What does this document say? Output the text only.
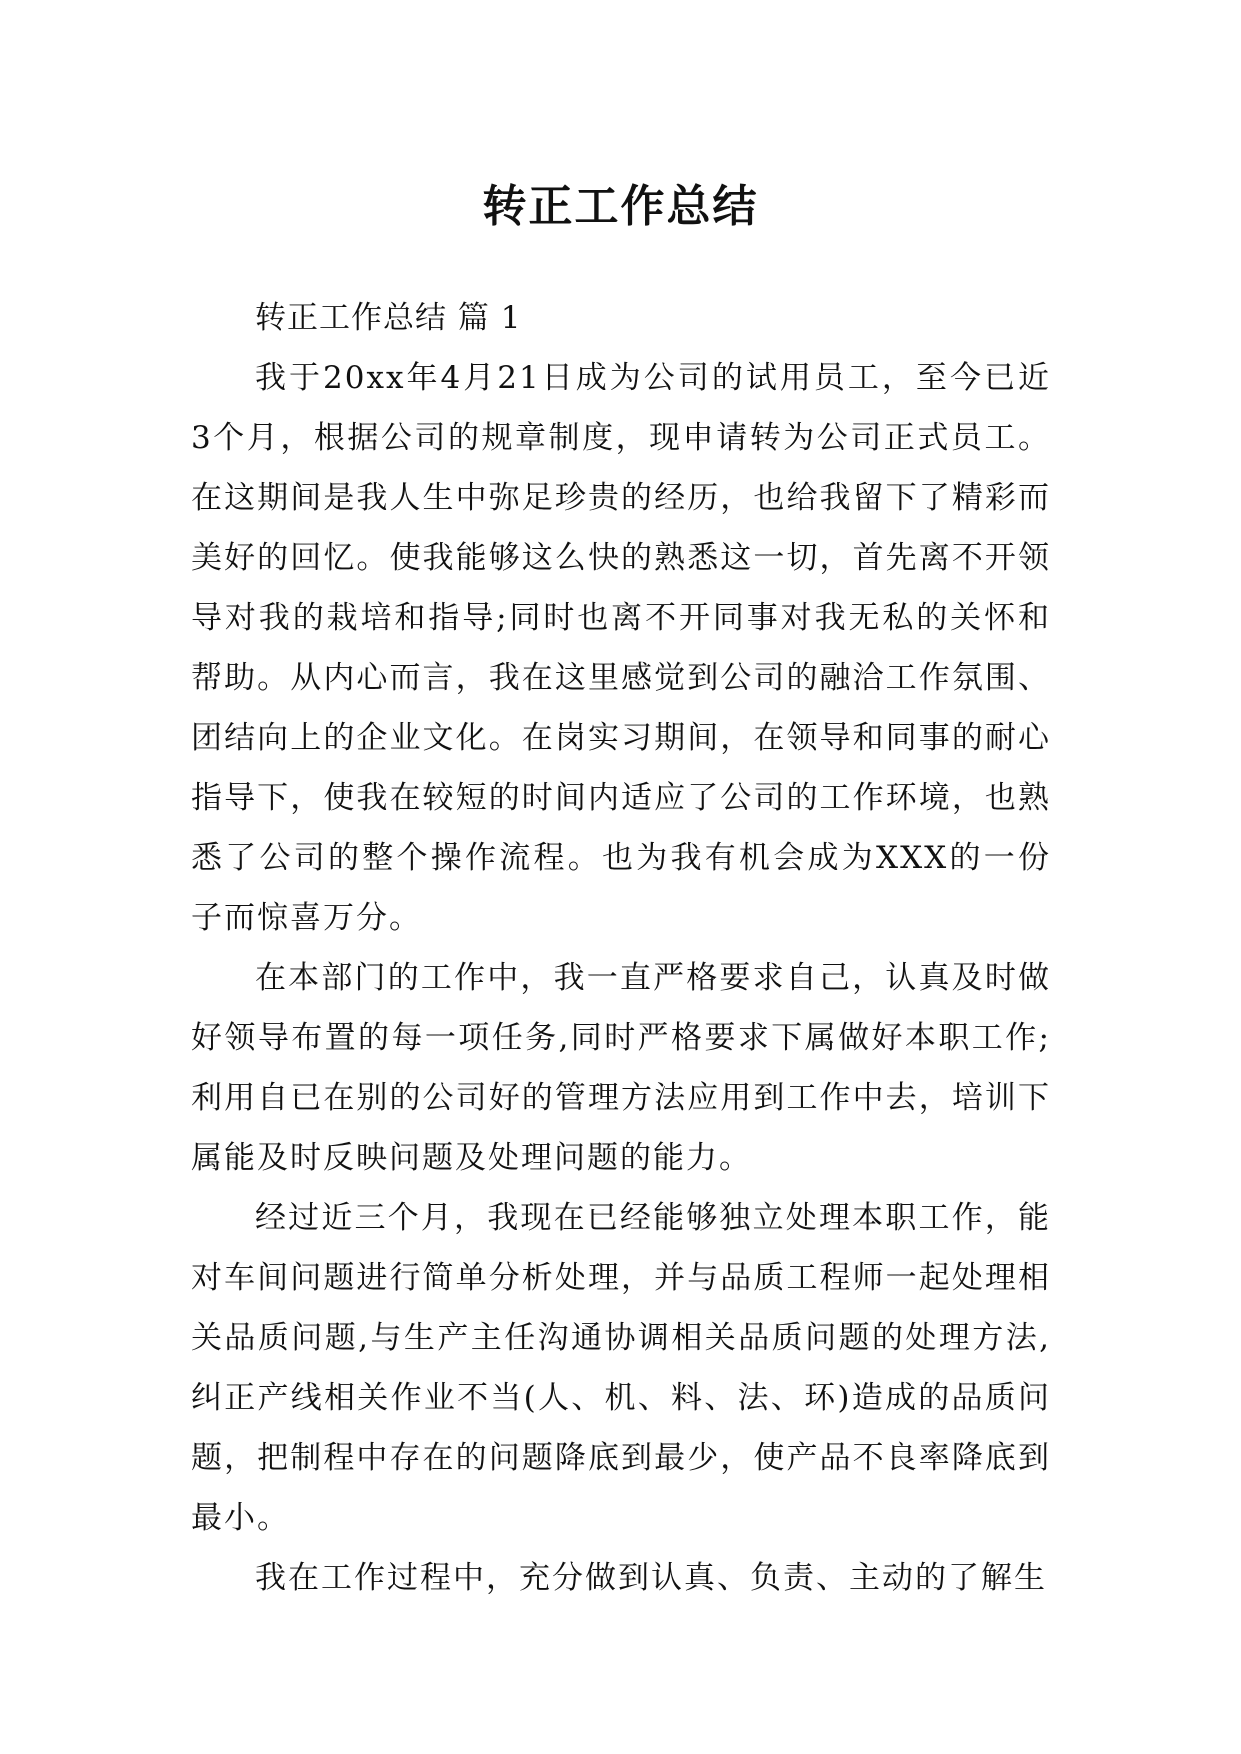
转正工作总结

转正工作总结 篇 1

我于20xx年4月21日成为公司的试用员工，至今已近3个月，根据公司的规章制度，现申请转为公司正式员工。在这期间是我人生中弥足珍贵的经历，也给我留下了精彩而美好的回忆。使我能够这么快的熟悉这一切，首先离不开领导对我的栽培和指导;同时也离不开同事对我无私的关怀和帮助。从内心而言，我在这里感觉到公司的融洽工作氛围、团结向上的企业文化。在岗实习期间，在领导和同事的耐心指导下，使我在较短的时间内适应了公司的工作环境，也熟悉了公司的整个操作流程。也为我有机会成为XXX的一份子而惊喜万分。

在本部门的工作中，我一直严格要求自己，认真及时做好领导布置的每一项任务,同时严格要求下属做好本职工作;利用自已在别的公司好的管理方法应用到工作中去，培训下属能及时反映问题及处理问题的能力。

经过近三个月，我现在已经能够独立处理本职工作，能对车间问题进行简单分析处理，并与品质工程师一起处理相关品质问题,与生产主任沟通协调相关品质问题的处理方法,纠正产线相关作业不当(人、机、料、法、环)造成的品质问题，把制程中存在的问题降底到最少，使产品不良率降底到最小。

我在工作过程中，充分做到认真、负责、主动的了解生
